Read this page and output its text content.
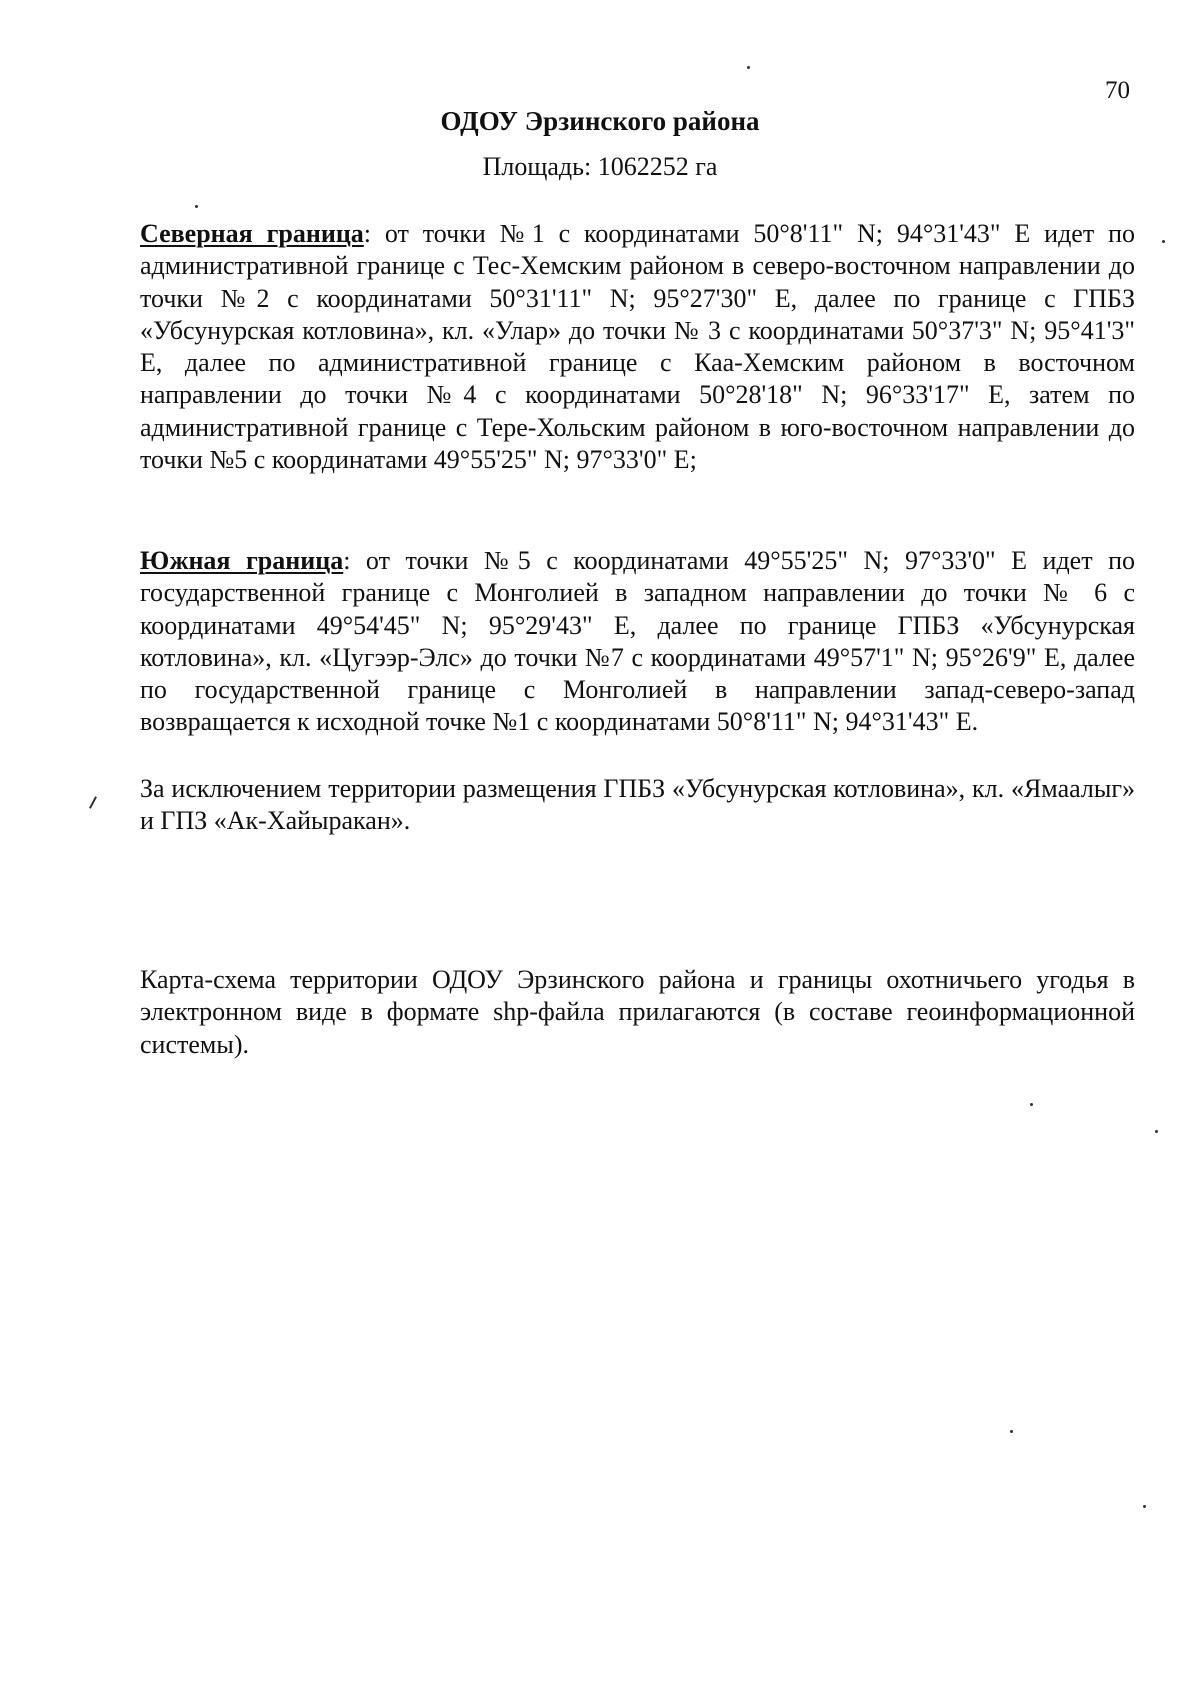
70
ОДОУ Эрзинского района
Площадь: 1062252 га

Северная граница: от точки №1 с координатами 50°8'11" N; 94°31'43" E идет по административной границе с Тес-Хемским районом в северо-восточном направлении до точки №2 с координатами 50°31'11" N; 95°27'30" E, далее по границе с ГПБЗ «Убсунурская котловина», кл. «Улар» до точки № 3 с координатами 50°37'3" N; 95°41'3" E, далее по административной границе с Каа-Хемским районом в восточном направлении до точки №4 с координатами 50°28'18" N; 96°33'17" E, затем по административной границе с Тере-Хольским районом в юго-восточном направлении до точки №5 с координатами 49°55'25" N; 97°33'0" E;

Южная граница: от точки №5 с координатами 49°55'25" N; 97°33'0" E идет по государственной границе с Монголией в западном направлении до точки № 6 с координатами 49°54'45" N; 95°29'43" E, далее по границе ГПБЗ «Убсунурская котловина», кл. «Цугээр-Элс» до точки №7 с координатами 49°57'1" N; 95°26'9" E, далее по государственной границе с Монголией в направлении запад-северо-запад возвращается к исходной точке №1 с координатами 50°8'11" N; 94°31'43" E.

За исключением территории размещения ГПБЗ «Убсунурская котловина», кл. «Ямаалыг» и ГПЗ «Ак-Хайыракан».

Карта-схема территории ОДОУ Эрзинского района и границы охотничьего угодья в электронном виде в формате shp-файла прилагаются (в составе геоинформационной системы).
